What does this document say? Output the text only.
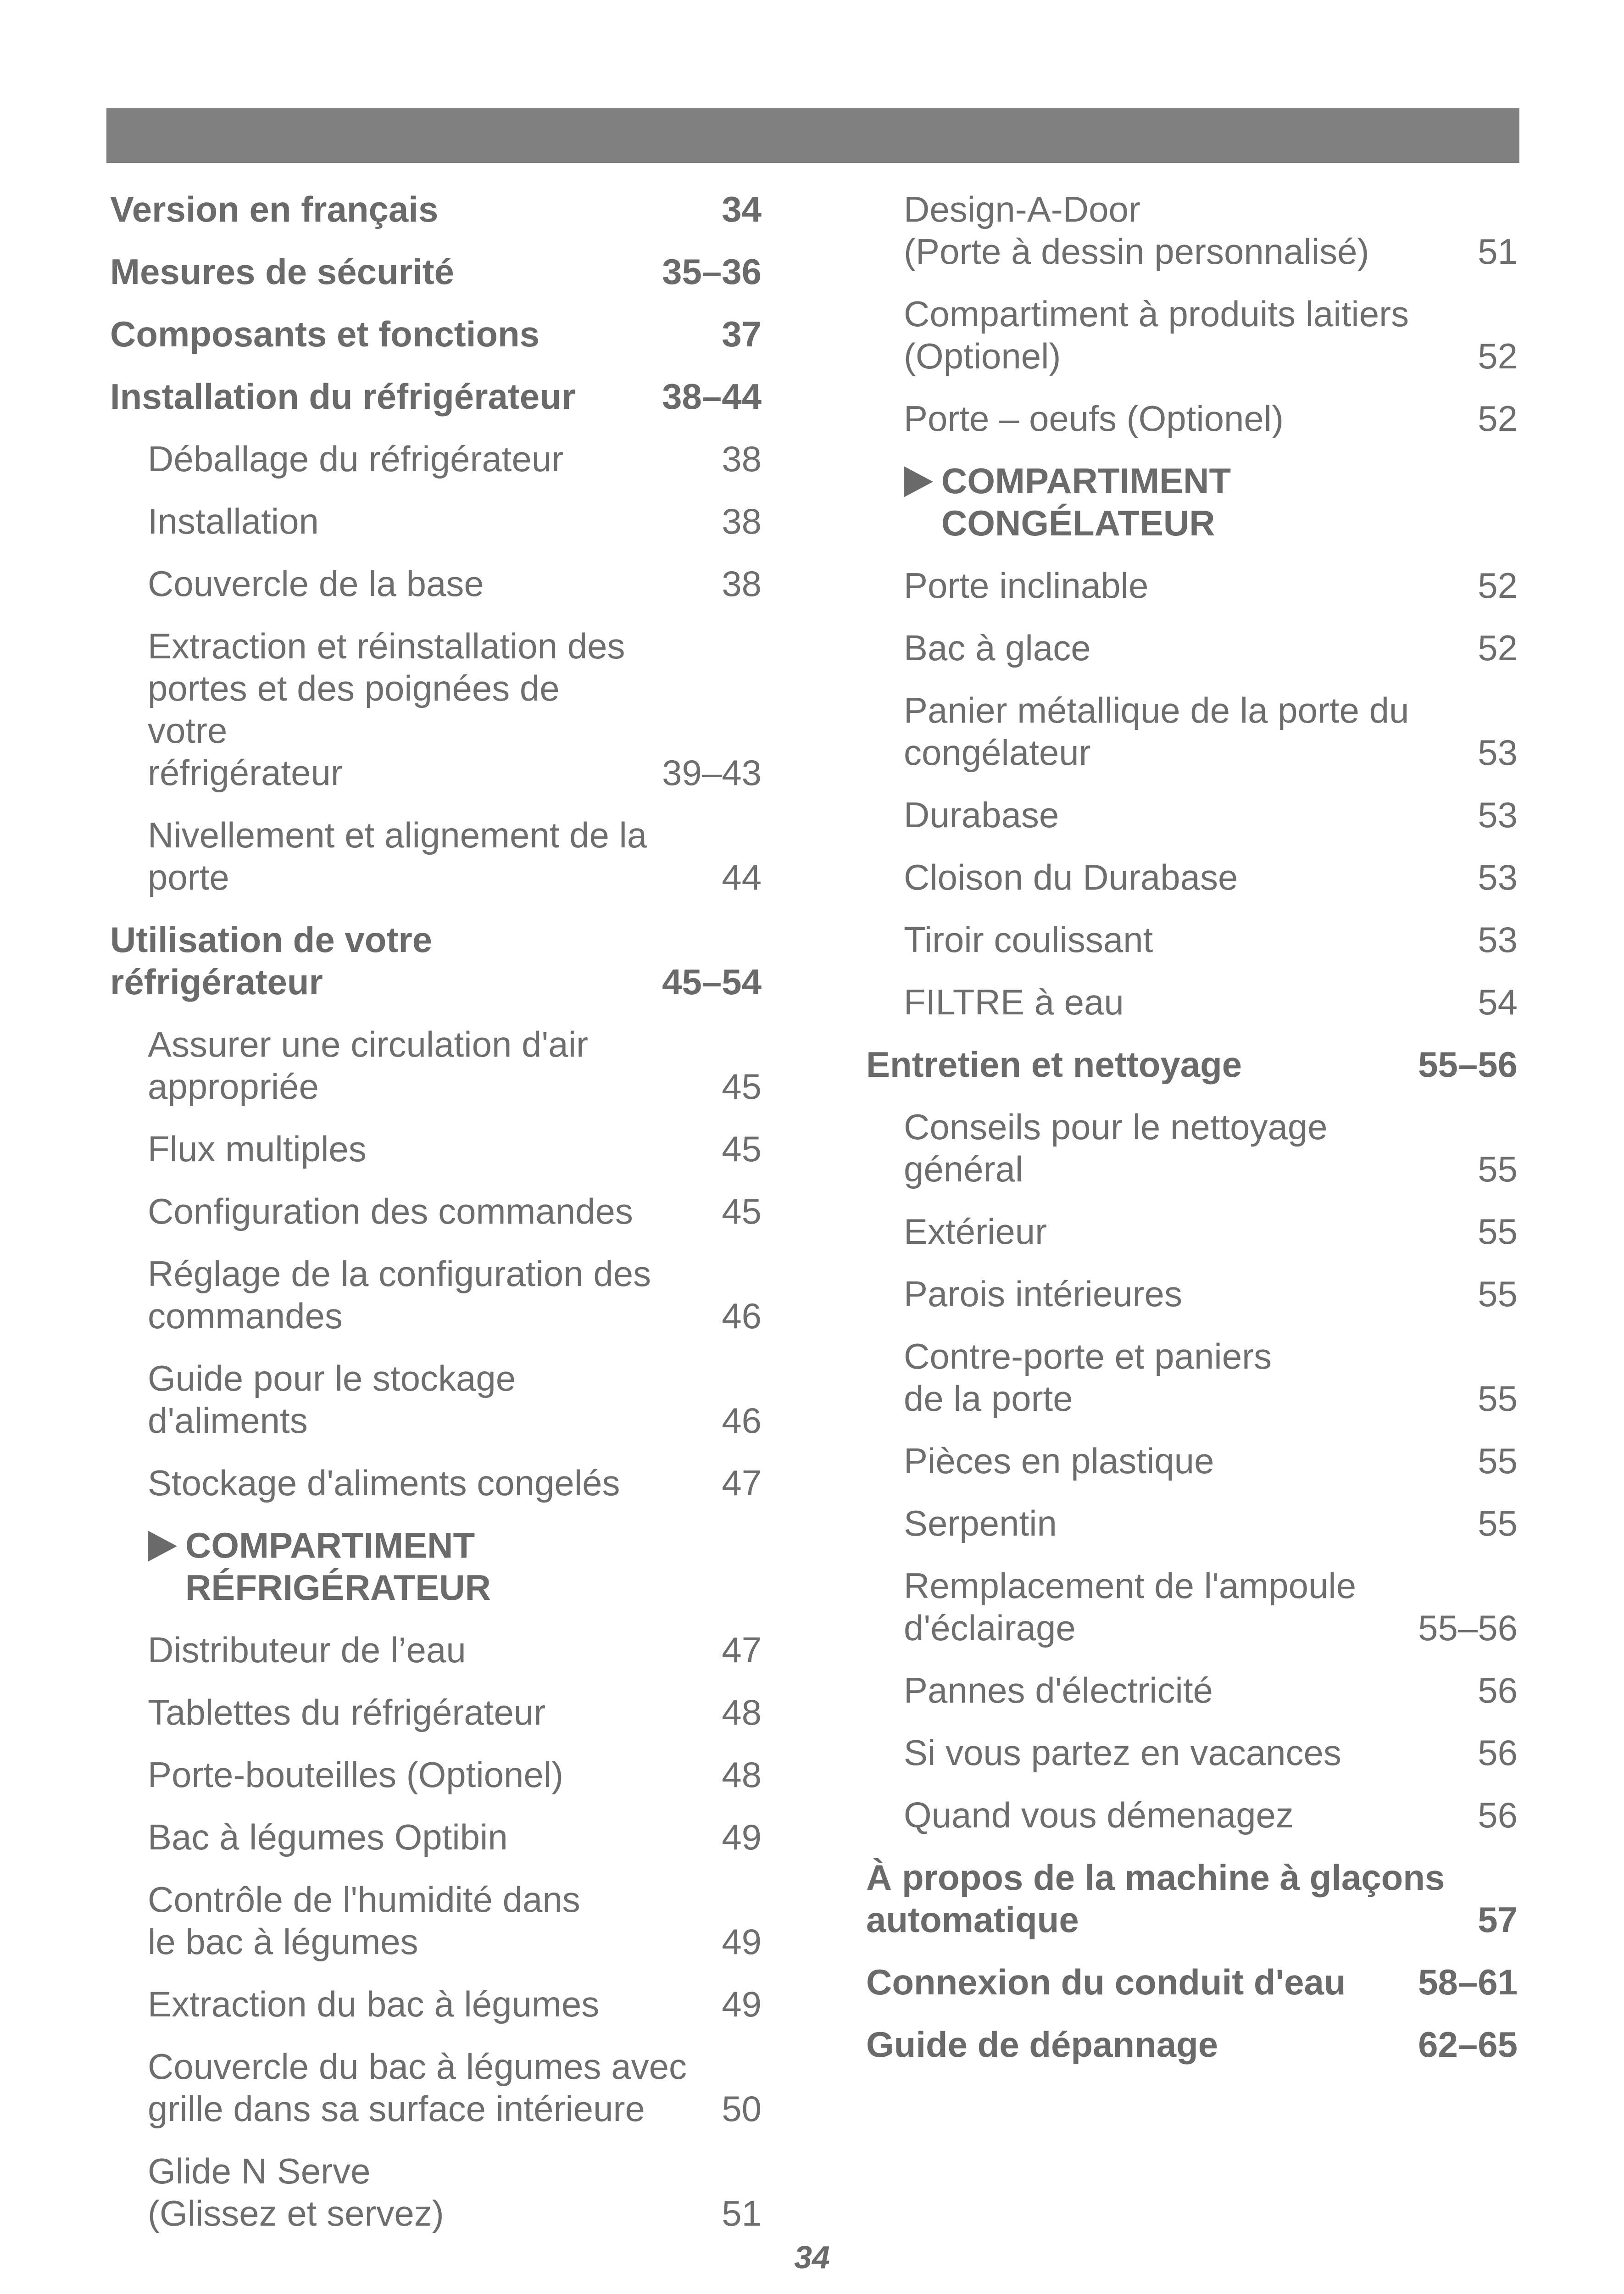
Version en français	34
Mesures de sécurité	35–36
Composants et fonctions	37
Installation du réfrigérateur	38–44
Déballage du réfrigérateur	38
Installation	38
Couvercle de la base	38
Extraction et réinstallation des
portes et des poignées de votre
réfrigérateur	39–43
Nivellement et alignement de la
porte	44
Utilisation de votre
réfrigérateur	45–54
Assurer une circulation d'air
appropriée	45
Flux multiples	45
Configuration des commandes	45
Réglage de la configuration des
commandes	46
Guide pour le stockage
d'aliments	46
Stockage d'aliments congelés	47
COMPARTIMENT
RÉFRIGÉRATEUR
Distributeur de l’eau	47
Tablettes du réfrigérateur	48
Porte-bouteilles (Optionel)	48
Bac à légumes Optibin	49
Contrôle de l'humidité dans
le bac à légumes	49
Extraction du bac à légumes	49
Couvercle du bac à légumes avec
grille dans sa surface intérieure	50
Glide N Serve
(Glissez et servez)	51
Design-A-Door
(Porte à dessin personnalisé)	51
Compartiment à produits laitiers
(Optionel)	52
Porte – oeufs (Optionel)	52
COMPARTIMENT
CONGÉLATEUR
Porte inclinable	52
Bac à glace	52
Panier métallique de la porte du
congélateur	53
Durabase	53
Cloison du Durabase	53
Tiroir coulissant	53
FILTRE à eau	54
Entretien et nettoyage	55–56
Conseils pour le nettoyage
général	55
Extérieur	55
Parois intérieures	55
Contre-porte et paniers
de la porte	55
Pièces en plastique	55
Serpentin	55
Remplacement de l'ampoule
d'éclairage	55–56
Pannes d'électricité	56
Si vous partez en vacances	56
Quand vous démenagez	56
À propos de la machine à glaçons
automatique	57
Connexion du conduit d'eau	58–61
Guide de dépannage	62–65
34
